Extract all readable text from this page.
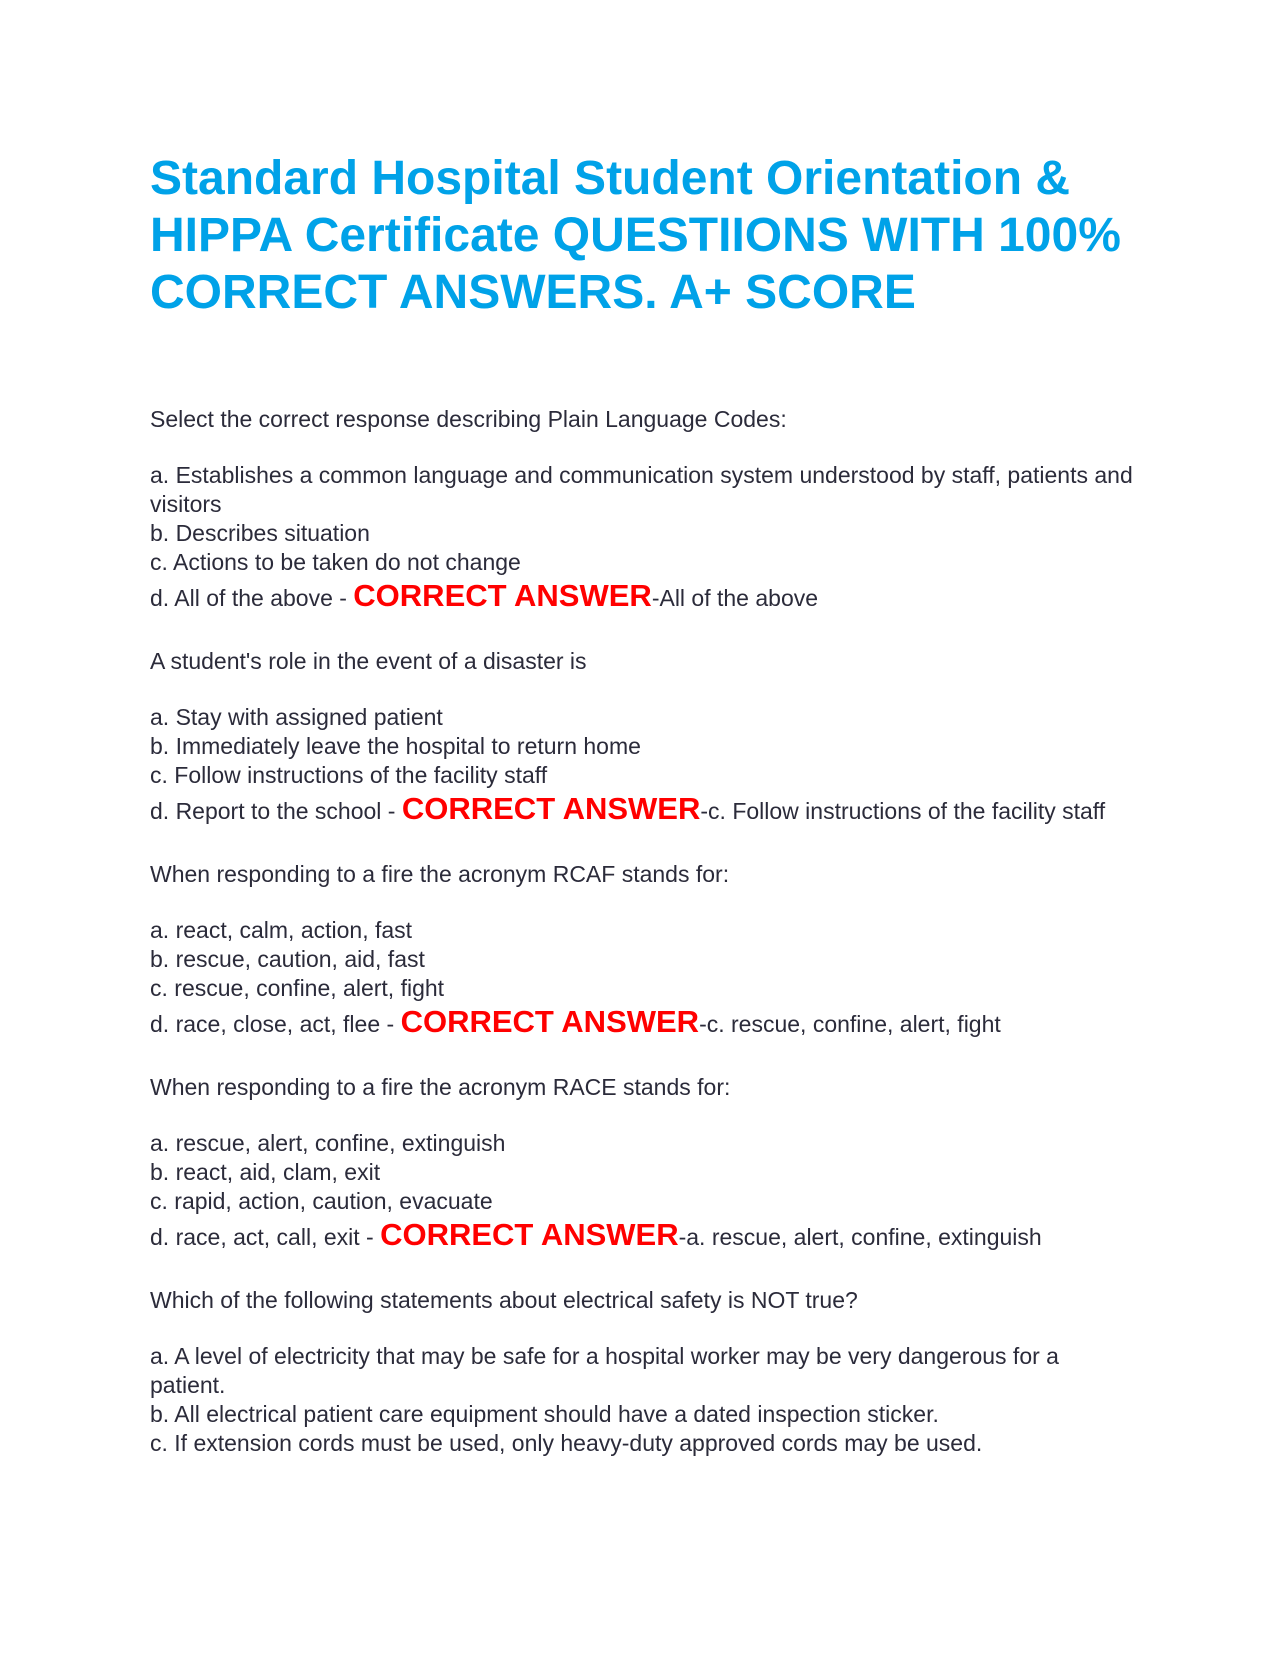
Standard Hospital Student Orientation & HIPPA Certificate QUESTIIONS WITH 100% CORRECT ANSWERS. A+ SCORE

Select the correct response describing Plain Language Codes:

a. Establishes a common language and communication system understood by staff, patients and visitors

b. Describes situation

c. Actions to be taken do not change

d. All of the above - CORRECT ANSWER-All of the above

A student's role in the event of a disaster is

a. Stay with assigned patient

b. Immediately leave the hospital to return home

c. Follow instructions of the facility staff

d. Report to the school - CORRECT ANSWER-c. Follow instructions of the facility staff

When responding to a fire the acronym RCAF stands for:

a. react, calm, action, fast

b. rescue, caution, aid, fast

c. rescue, confine, alert, fight

d. race, close, act, flee - CORRECT ANSWER-c. rescue, confine, alert, fight

When responding to a fire the acronym RACE stands for:

a. rescue, alert, confine, extinguish

b. react, aid, clam, exit

c. rapid, action, caution, evacuate

d. race, act, call, exit - CORRECT ANSWER-a. rescue, alert, confine, extinguish

Which of the following statements about electrical safety is NOT true?

a. A level of electricity that may be safe for a hospital worker may be very dangerous for a patient.

b. All electrical patient care equipment should have a dated inspection sticker.

c. If extension cords must be used, only heavy-duty approved cords may be used.
